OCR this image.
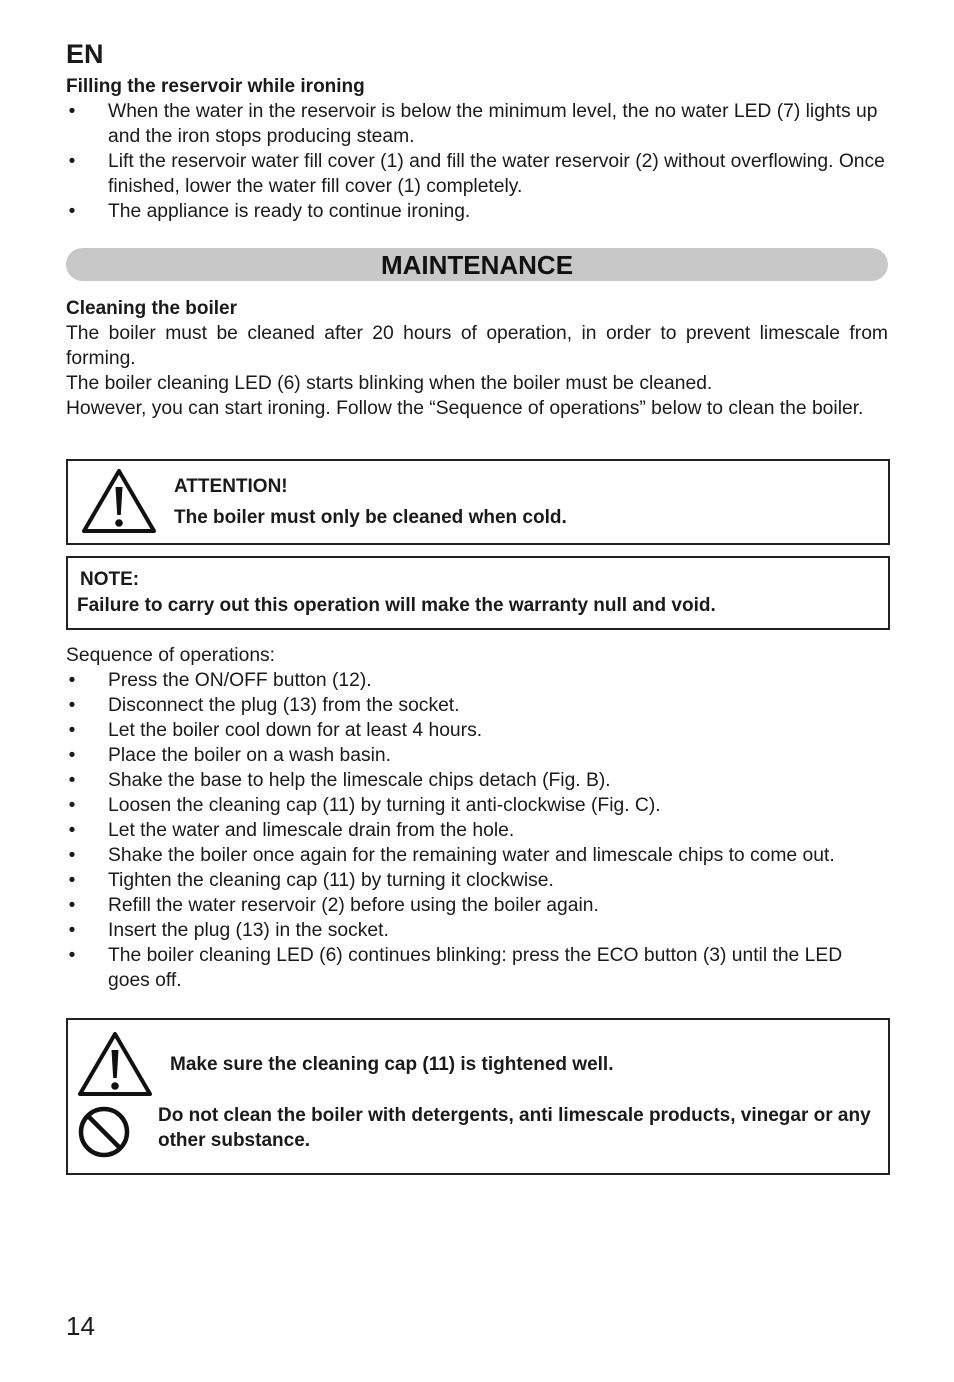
EN
Filling the reservoir while ironing
• When the water in the reservoir is below the minimum level, the no water LED (7) lights up and the iron stops producing steam.
• Lift the reservoir water fill cover (1) and fill the water reservoir (2) without overflowing. Once finished, lower the water fill cover (1) completely.
• The appliance is ready to continue ironing.
MAINTENANCE
Cleaning the boiler

The boiler must be cleaned after 20 hours of operation, in order to prevent limescale from forming.

The boiler cleaning LED (6) starts blinking when the boiler must be cleaned.

However, you can start ironing. Follow the “Sequence of operations” below to clean the boiler.

ATTENTION!
The boiler must only be cleaned when cold.
NOTE:
Failure to carry out this operation will make the warranty null and void.
Sequence of operations:
• Press the ON/OFF button (12).
• Disconnect the plug (13) from the socket.
• Let the boiler cool down for at least 4 hours.
• Place the boiler on a wash basin.
• Shake the base to help the limescale chips detach (Fig. B).
• Loosen the cleaning cap (11) by turning it anti-clockwise (Fig. C).
• Let the water and limescale drain from the hole.
• Shake the boiler once again for the remaining water and limescale chips to come out.
• Tighten the cleaning cap (11) by turning it clockwise.
• Refill the water reservoir (2) before using the boiler again.
• Insert the plug (13) in the socket.
• The boiler cleaning LED (6) continues blinking: press the ECO button (3) until the LED goes off.
Make sure the cleaning cap (11) is tightened well.
Do not clean the boiler with detergents, anti limescale products, vinegar or any other substance.
14
